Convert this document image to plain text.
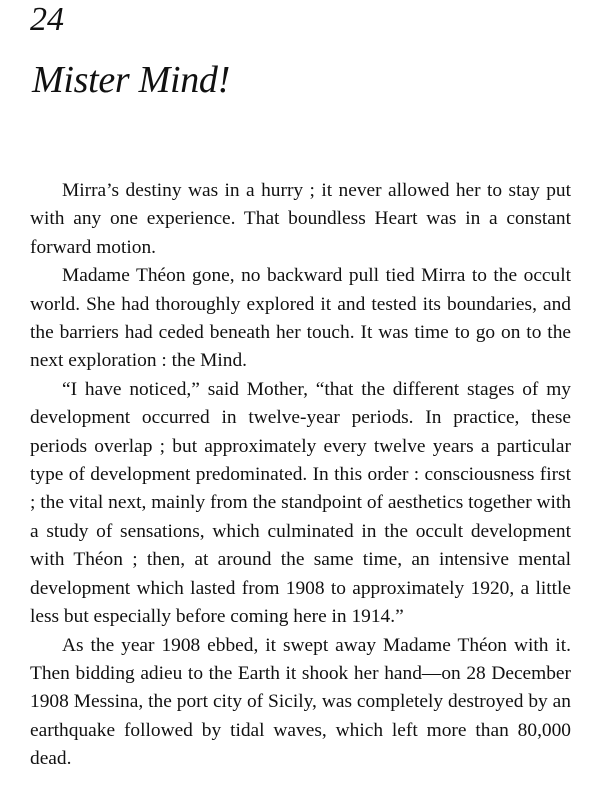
24
Mister Mind!

Mirra’s destiny was in a hurry ; it never allowed her to stay put with any one experience. That boundless Heart was in a constant forward motion.

Madame Théon gone, no backward pull tied Mirra to the occult world. She had thoroughly explored it and tested its boundaries, and the barriers had ceded beneath her touch. It was time to go on to the next exploration : the Mind.

“I have noticed,” said Mother, “that the different stages of my development occurred in twelve-year periods. In practice, these periods overlap ; but approximately every twelve years a particular type of development predominated. In this order : consciousness first ; the vital next, mainly from the standpoint of aesthetics together with a study of sensations, which culminated in the occult development with Théon ; then, at around the same time, an intensive mental development which lasted from 1908 to approximately 1920, a little less but especially before coming here in 1914.”

As the year 1908 ebbed, it swept away Madame Théon with it. Then bidding adieu to the Earth it shook her hand—on 28 December 1908 Messina, the port city of Sicily, was completely destroyed by an earthquake followed by tidal waves, which left more than 80,000 dead.
